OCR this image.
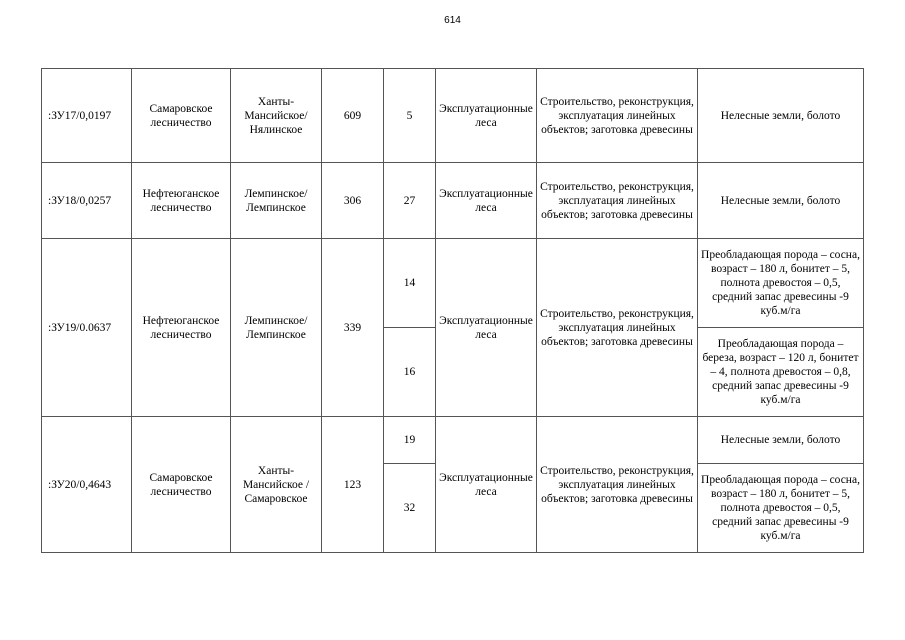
614
:ЗУ17/0,0197	Самаровское лесничество	Ханты-Мансийское/ Нялинское	609	5	Эксплуатационные леса	Строительство, реконструкция, эксплуатация линейных объектов; заготовка древесины	Нелесные земли, болото
:ЗУ18/0,0257	Нефтеюганское лесничество	Лемпинское/ Лемпинское	306	27	Эксплуатационные леса	Строительство, реконструкция, эксплуатация линейных объектов; заготовка древесины	Нелесные земли, болото
:ЗУ19/0.0637	Нефтеюганское лесничество	Лемпинское/ Лемпинское	339	14	Эксплуатационные леса	Строительство, реконструкция, эксплуатация линейных объектов; заготовка древесины	Преобладающая порода – сосна, возраст – 180 л, бонитет – 5, полнота древостоя – 0,5, средний запас древесины -9 куб.м/га
				16			Преобладающая порода – береза, возраст – 120 л, бонитет – 4, полнота древостоя – 0,8, средний запас древесины -9 куб.м/га
:ЗУ20/0,4643	Самаровское лесничество	Ханты-Мансийское /Самаровское	123	19	Эксплуатационные леса	Строительство, реконструкция, эксплуатация линейных объектов; заготовка древесины	Нелесные земли, болото
				32			Преобладающая порода – сосна, возраст – 180 л, бонитет – 5, полнота древостоя – 0,5, средний запас древесины -9 куб.м/га
